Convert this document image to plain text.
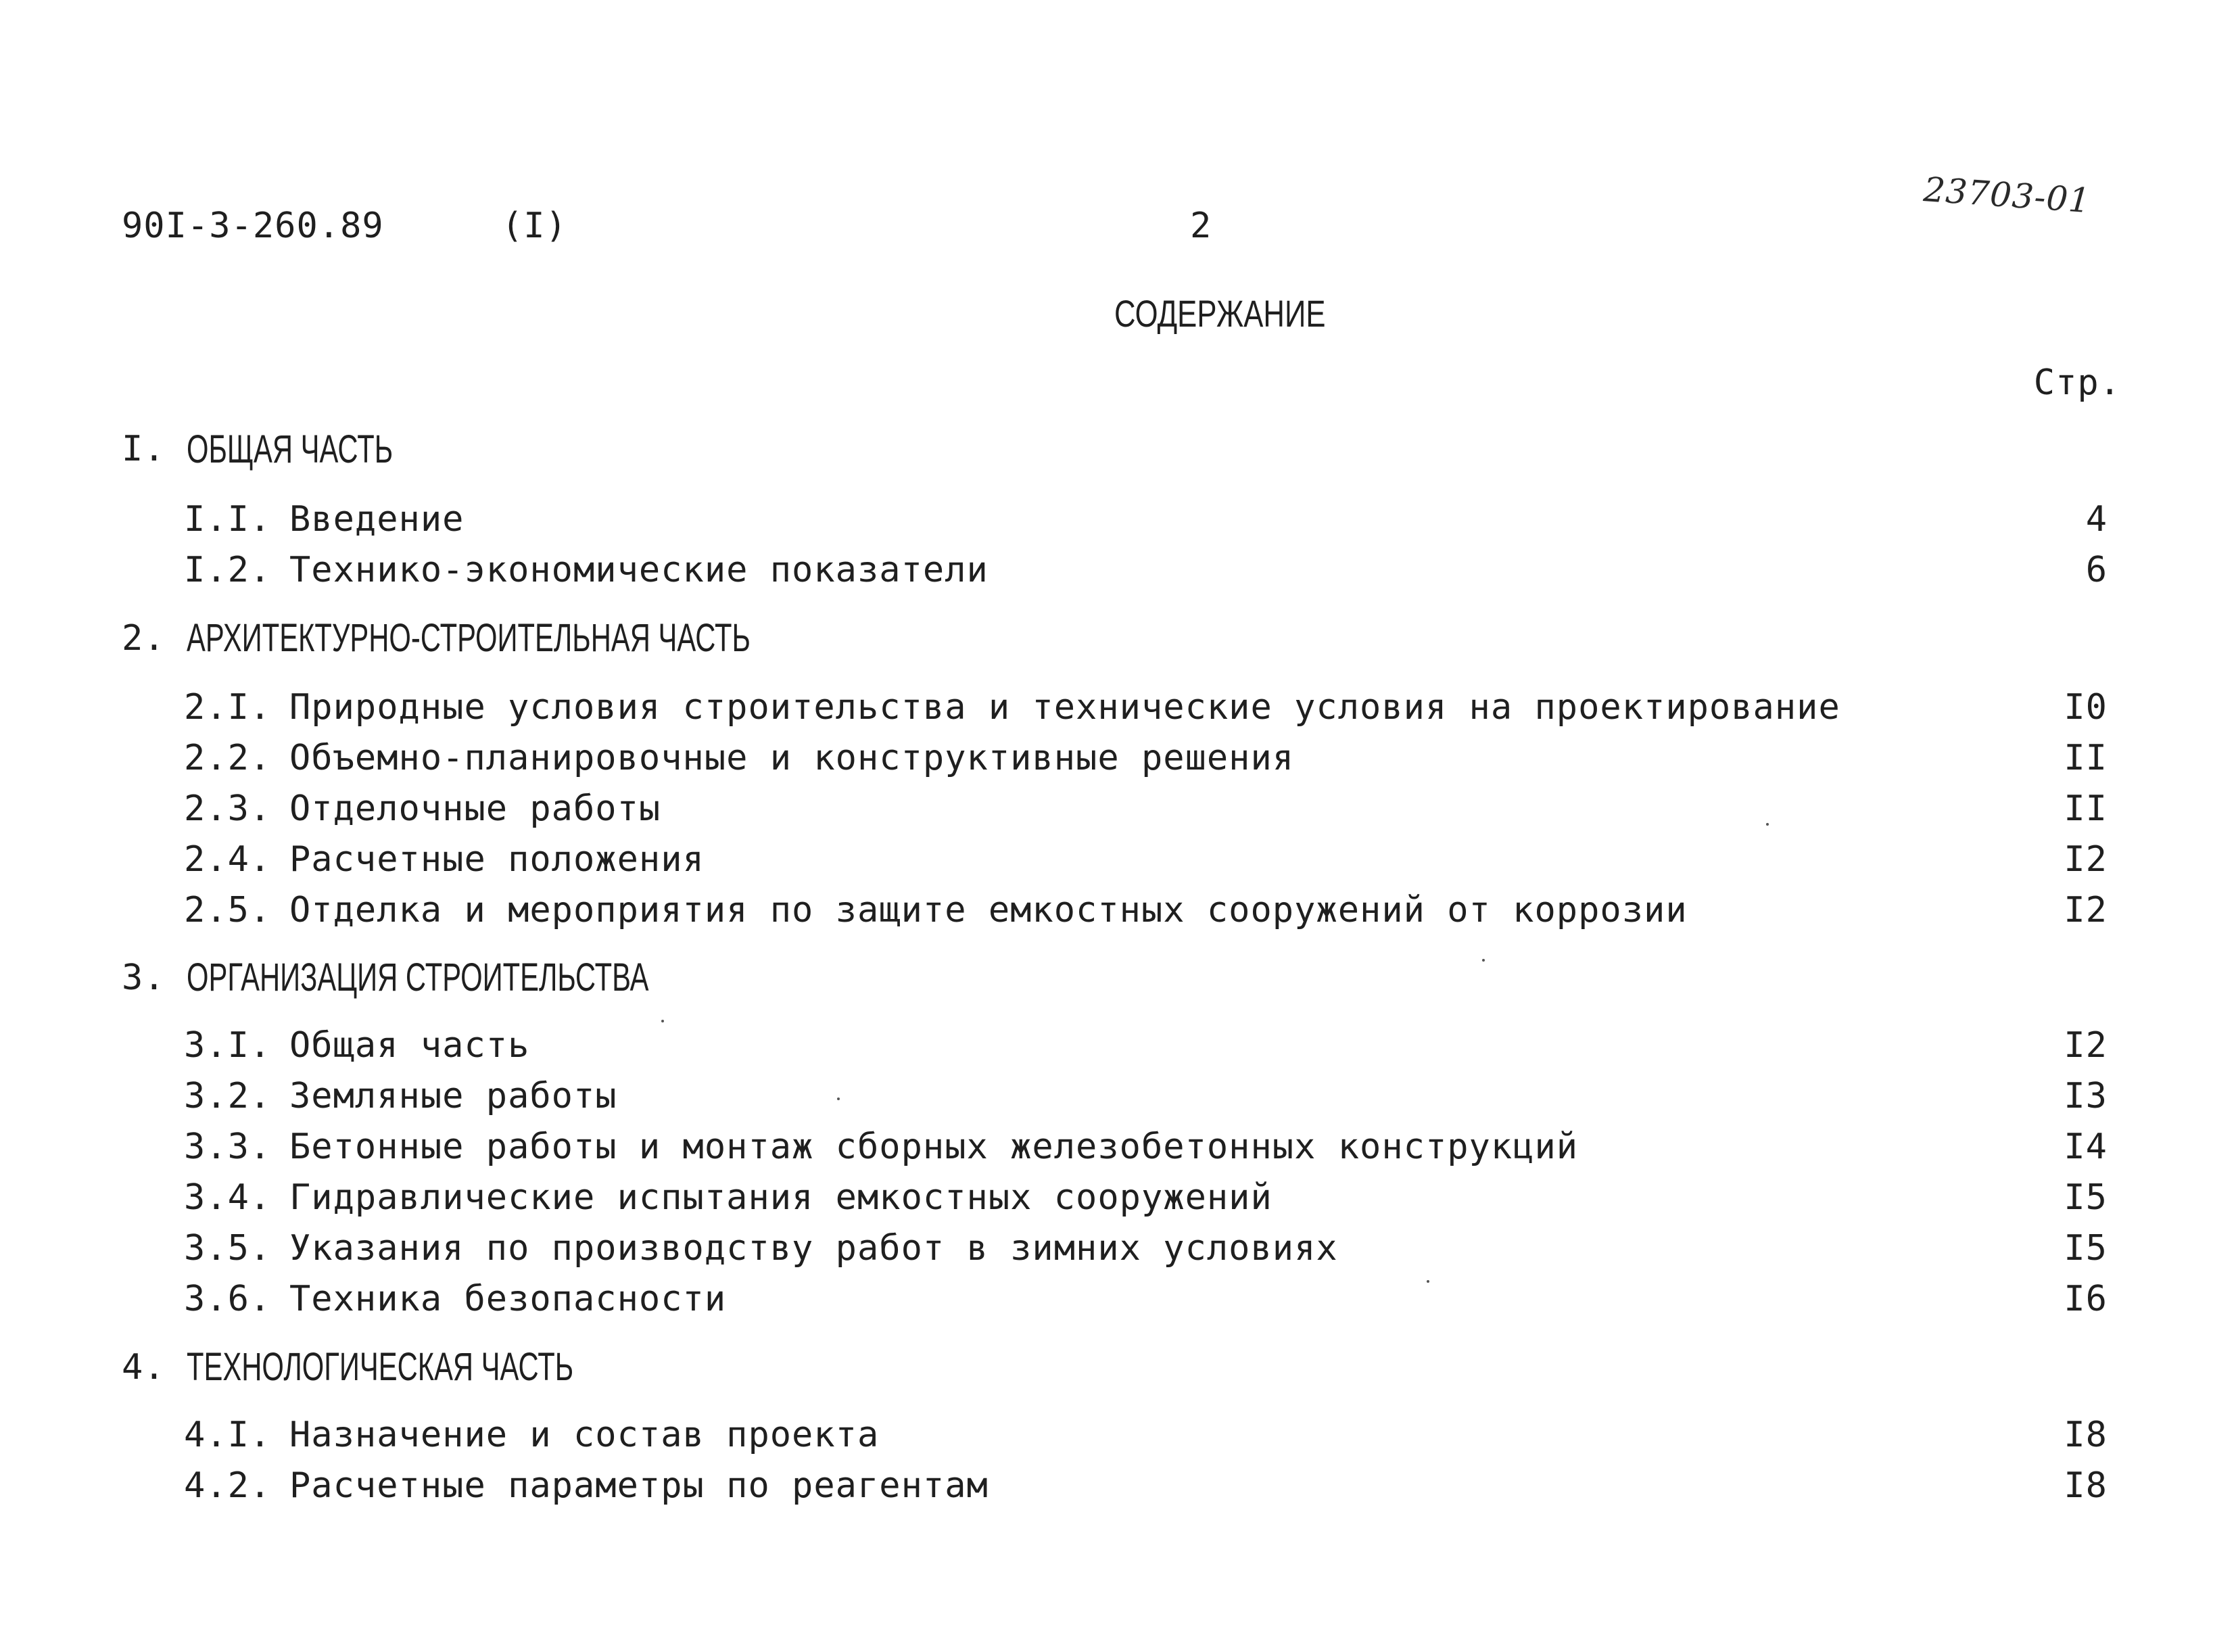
90I-3-260.89	(I)	2
23703-01
СОДЕРЖАНИЕ
Стр.
I. ОБЩАЯ ЧАСТЬ
I.I. Введение	4
I.2. Технико-экономические показатели	6
2. АРХИТЕКТУРНО-СТРОИТЕЛЬНАЯ ЧАСТЬ
2.I. Природные условия строительства и технические условия на проектирование	I0
2.2. Объемно-планировочные и конструктивные решения	II
2.3. Отделочные работы	II
2.4. Расчетные положения	I2
2.5. Отделка и мероприятия по защите емкостных сооружений от коррозии	I2
3. ОРГАНИЗАЦИЯ СТРОИТЕЛЬСТВА
3.I. Общая часть	I2
3.2. Земляные работы	I3
3.3. Бетонные работы и монтаж сборных железобетонных конструкций	I4
3.4. Гидравлические испытания емкостных сооружений	I5
3.5. Указания по производству работ в зимних условиях	I5
3.6. Техника безопасности	I6
4. ТЕХНОЛОГИЧЕСКАЯ ЧАСТЬ
4.I. Назначение и состав проекта	I8
4.2. Расчетные параметры по реагентам	I8
